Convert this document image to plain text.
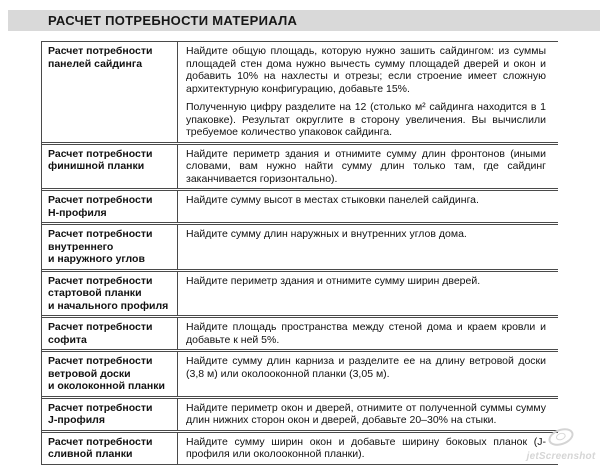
РАСЧЕТ ПОТРЕБНОСТИ МАТЕРИАЛА
Расчет потребности
панелей сайдинга

Найдите общую площадь, которую нужно зашить сайдингом: из суммы площадей стен дома нужно вычесть сумму площадей дверей и окон и добавить 10% на нахлесты и отрезы; если строение имеет сложную архитектурную конфигурацию, добавьте 15%.

Полученную цифру разделите на 12 (столько м² сайдинга находится в 1 упаковке). Результат округлите в сторону увеличения. Вы вычислили требуемое количество упаковок сайдинга.

Расчет потребности
финишной планки

Найдите периметр здания и отнимите сумму длин фронтонов (иными словами, вам нужно найти сумму длин только там, где сайдинг заканчивается горизонтально).

Расчет потребности
Н-профиля

Найдите сумму высот в местах стыковки панелей сайдинга.

Расчет потребности
внутреннего
и наружного углов

Найдите сумму длин наружных и внутренних углов дома.

Расчет потребности
стартовой планки
и начального профиля

Найдите периметр здания и отнимите сумму ширин дверей.

Расчет потребности
софита

Найдите площадь пространства между стеной дома и краем кровли и добавьте к ней 5%.

Расчет потребности
ветровой доски
и околоконной планки

Найдите сумму длин карниза и разделите ее на длину ветровой доски (3,8 м) или околооконной планки (3,05 м).

Расчет потребности
J-профиля

Найдите периметр окон и дверей, отнимите от полученной суммы сумму длин нижних сторон окон и дверей, добавьте 20–30% на стыки.

Расчет потребности
сливной планки

Найдите сумму ширин окон и добавьте ширину боковых планок (J-профиля или околооконной планки).	jetScreenshot
